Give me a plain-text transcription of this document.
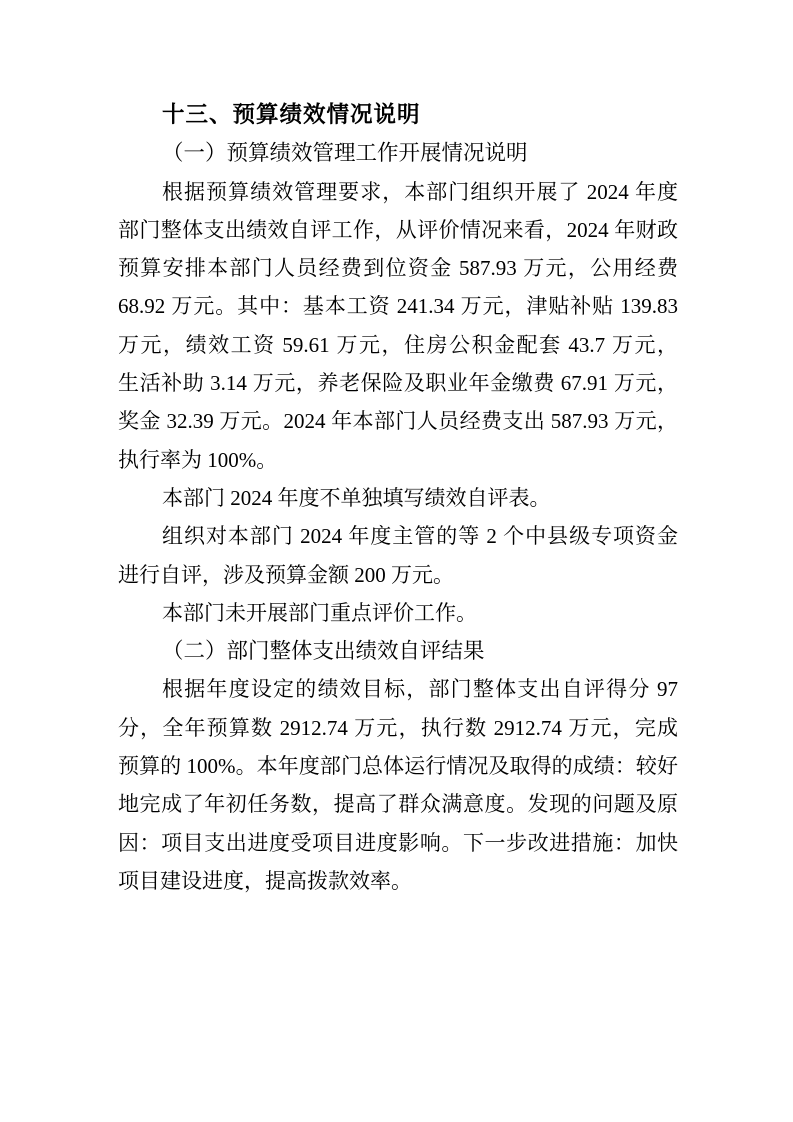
十三、预算绩效情况说明
（一）预算绩效管理工作开展情况说明
根据预算绩效管理要求，本部门组织开展了 2024 年度
部门整体支出绩效自评工作，从评价情况来看，2024 年财政
预算安排本部门人员经费到位资金 587.93 万元，公用经费
68.92 万元。其中：基本工资 241.34 万元，津贴补贴 139.83
万元，绩效工资 59.61 万元，住房公积金配套 43.7 万元，
生活补助 3.14 万元，养老保险及职业年金缴费 67.91 万元，
奖金 32.39 万元。2024 年本部门人员经费支出 587.93 万元，
执行率为 100%。
本部门 2024 年度不单独填写绩效自评表。
组织对本部门 2024 年度主管的等 2 个中县级专项资金
进行自评，涉及预算金额 200 万元。
本部门未开展部门重点评价工作。
（二）部门整体支出绩效自评结果
根据年度设定的绩效目标，部门整体支出自评得分 97
分，全年预算数 2912.74 万元，执行数 2912.74 万元，完成
预算的 100%。本年度部门总体运行情况及取得的成绩：较好
地完成了年初任务数，提高了群众满意度。发现的问题及原
因：项目支出进度受项目进度影响。下一步改进措施：加快
项目建设进度，提高拨款效率。
